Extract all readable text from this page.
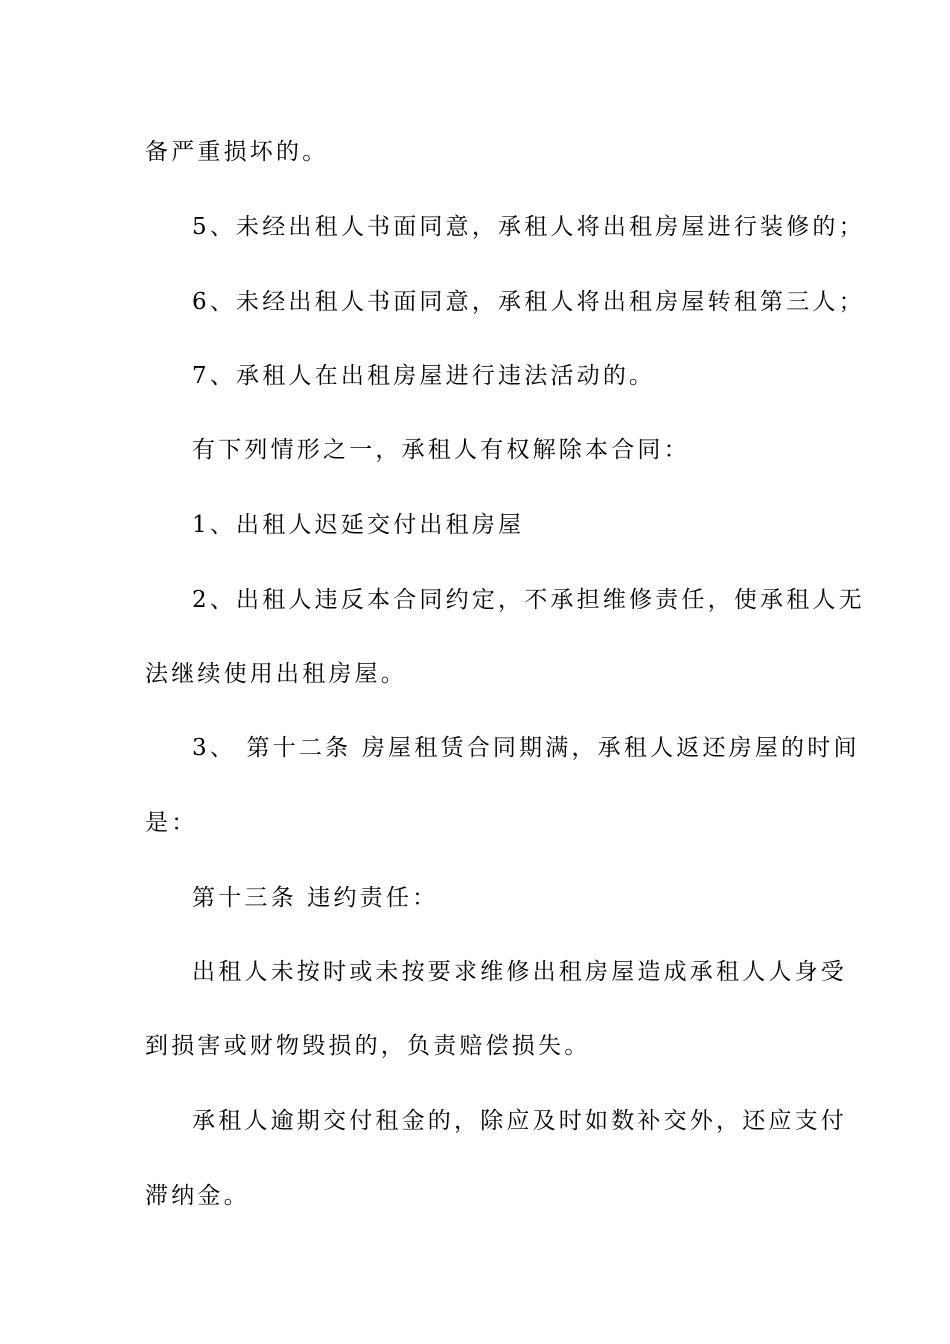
备严重损坏的。
5、未经出租人书面同意，承租人将出租房屋进行装修的；
6、未经出租人书面同意，承租人将出租房屋转租第三人；
7、承租人在出租房屋进行违法活动的。
有下列情形之一，承租人有权解除本合同：
1、出租人迟延交付出租房屋
2、出租人违反本合同约定，不承担维修责任，使承租人无
法继续使用出租房屋。
3、 第十二条 房屋租赁合同期满，承租人返还房屋的时间
是：
第十三条 违约责任：
出租人未按时或未按要求维修出租房屋造成承租人人身受
到损害或财物毁损的，负责赔偿损失。
承租人逾期交付租金的，除应及时如数补交外，还应支付
滞纳金。
